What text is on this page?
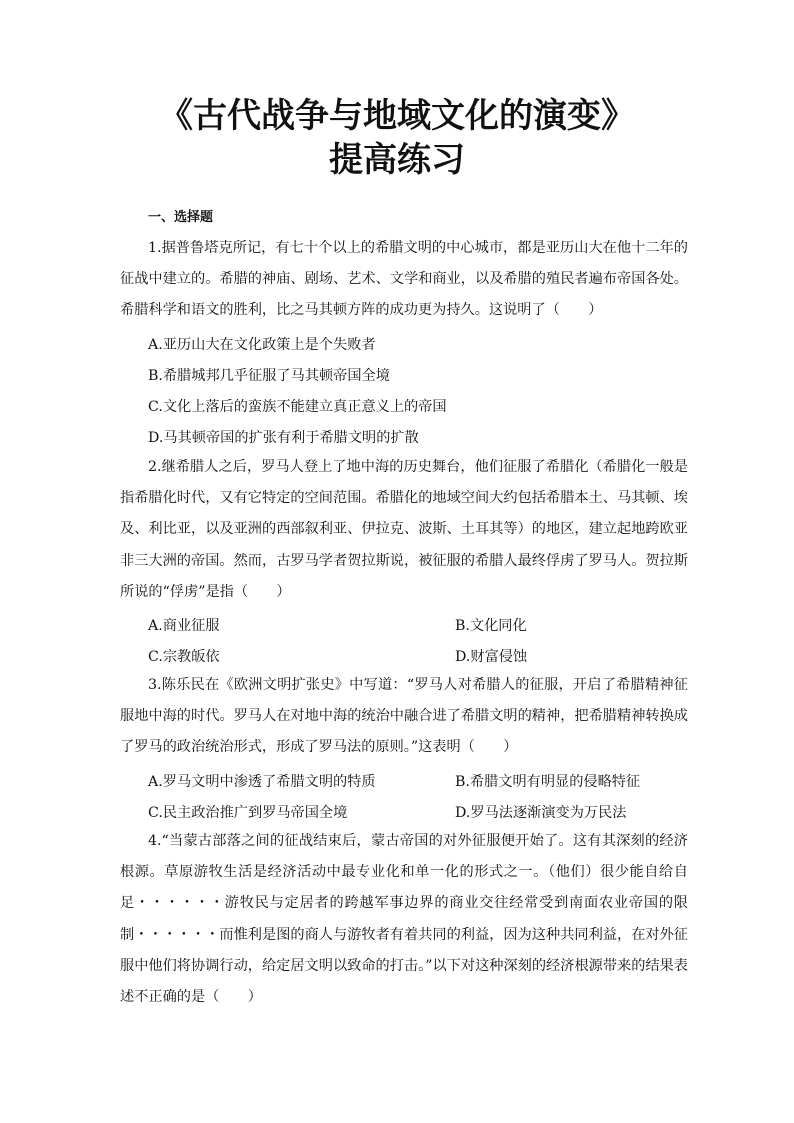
《古代战争与地域文化的演变》
提高练习
一、选择题
1.据普鲁塔克所记，有七十个以上的希腊文明的中心城市，都是亚历山大在他十二年的征战中建立的。希腊的神庙、剧场、艺术、文学和商业，以及希腊的殖民者遍布帝国各处。希腊科学和语文的胜利，比之马其顿方阵的成功更为持久。这说明了（　　）
A.亚历山大在文化政策上是个失败者
B.希腊城邦几乎征服了马其顿帝国全境
C.文化上落后的蛮族不能建立真正意义上的帝国
D.马其顿帝国的扩张有利于希腊文明的扩散
2.继希腊人之后，罗马人登上了地中海的历史舞台，他们征服了希腊化（希腊化一般是指希腊化时代，又有它特定的空间范围。希腊化的地域空间大约包括希腊本土、马其顿、埃及、利比亚，以及亚洲的西部叙利亚、伊拉克、波斯、土耳其等）的地区，建立起地跨欧亚非三大洲的帝国。然而，古罗马学者贺拉斯说，被征服的希腊人最终俘虏了罗马人。贺拉斯所说的“俘虏”是指（　　）
A.商业征服	B.文化同化
C.宗教皈依	D.财富侵蚀
3.陈乐民在《欧洲文明扩张史》中写道：“罗马人对希腊人的征服，开启了希腊精神征服地中海的时代。罗马人在对地中海的统治中融合进了希腊文明的精神，把希腊精神转换成了罗马的政治统治形式，形成了罗马法的原则。”这表明（　　）
A.罗马文明中渗透了希腊文明的特质	B.希腊文明有明显的侵略特征
C.民主政治推广到罗马帝国全境	D.罗马法逐渐演变为万民法
4.“当蒙古部落之间的征战结束后，蒙古帝国的对外征服便开始了。这有其深刻的经济根源。草原游牧生活是经济活动中最专业化和单一化的形式之一。（他们）很少能自给自足・・・・・・游牧民与定居者的跨越军事边界的商业交往经常受到南面农业帝国的限制・・・・・・而惟利是图的商人与游牧者有着共同的利益，因为这种共同利益，在对外征服中他们将协调行动，给定居文明以致命的打击。”以下对这种深刻的经济根源带来的结果表述不正确的是（　　）
